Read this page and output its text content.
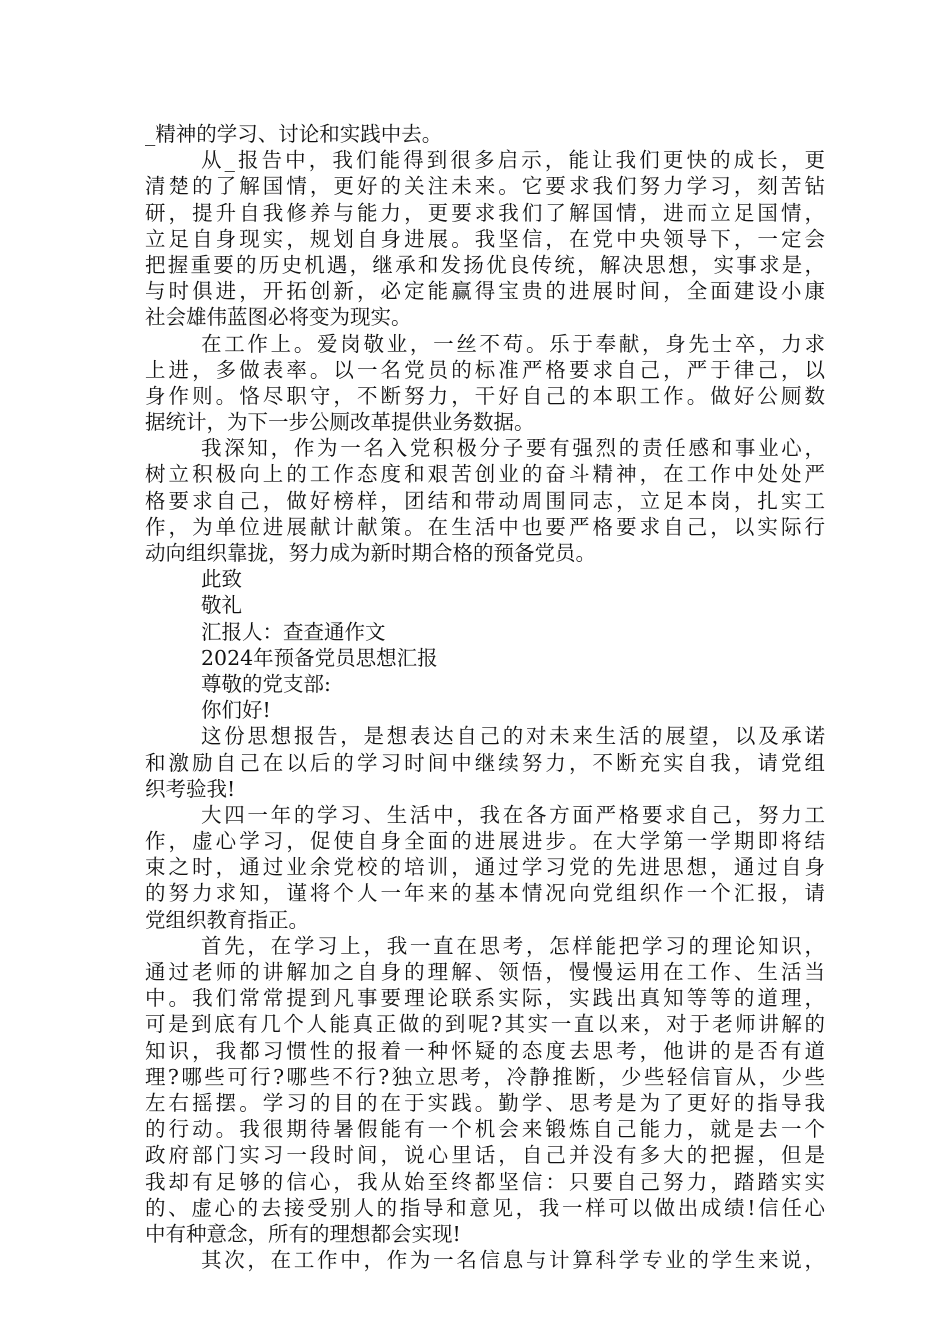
_精神的学习、讨论和实践中去。
从_报告中，我们能得到很多启示，能让我们更快的成长，更
清楚的了解国情，更好的关注未来。它要求我们努力学习，刻苦钻
研，提升自我修养与能力，更要求我们了解国情，进而立足国情，
立足自身现实，规划自身进展。我坚信，在党中央领导下，一定会
把握重要的历史机遇，继承和发扬优良传统，解决思想，实事求是，
与时俱进，开拓创新，必定能赢得宝贵的进展时间，全面建设小康
社会雄伟蓝图必将变为现实。
在工作上。爱岗敬业，一丝不苟。乐于奉献，身先士卒，力求
上进，多做表率。以一名党员的标准严格要求自己，严于律己，以
身作则。恪尽职守，不断努力，干好自己的本职工作。做好公厕数
据统计，为下一步公厕改革提供业务数据。
我深知，作为一名入党积极分子要有强烈的责任感和事业心，
树立积极向上的工作态度和艰苦创业的奋斗精神，在工作中处处严
格要求自己，做好榜样，团结和带动周围同志，立足本岗，扎实工
作，为单位进展献计献策。在生活中也要严格要求自己，以实际行
动向组织靠拢，努力成为新时期合格的预备党员。
此致
敬礼
汇报人：查查通作文
2024年预备党员思想汇报
尊敬的党支部:
你们好!
这份思想报告，是想表达自己的对未来生活的展望，以及承诺
和激励自己在以后的学习时间中继续努力，不断充实自我，请党组
织考验我!
大四一年的学习、生活中，我在各方面严格要求自己，努力工
作，虚心学习，促使自身全面的进展进步。在大学第一学期即将结
束之时，通过业余党校的培训，通过学习党的先进思想，通过自身
的努力求知，谨将个人一年来的基本情况向党组织作一个汇报，请
党组织教育指正。
首先，在学习上，我一直在思考，怎样能把学习的理论知识，
通过老师的讲解加之自身的理解、领悟，慢慢运用在工作、生活当
中。我们常常提到凡事要理论联系实际，实践出真知等等的道理，
可是到底有几个人能真正做的到呢?其实一直以来，对于老师讲解的
知识，我都习惯性的报着一种怀疑的态度去思考，他讲的是否有道
理?哪些可行?哪些不行?独立思考，冷静推断，少些轻信盲从，少些
左右摇摆。学习的目的在于实践。勤学、思考是为了更好的指导我
的行动。我很期待暑假能有一个机会来锻炼自己能力，就是去一个
政府部门实习一段时间，说心里话，自己并没有多大的把握，但是
我却有足够的信心，我从始至终都坚信：只要自己努力，踏踏实实
的、虚心的去接受别人的指导和意见，我一样可以做出成绩!信任心
中有种意念，所有的理想都会实现!
其次，在工作中，作为一名信息与计算科学专业的学生来说，
